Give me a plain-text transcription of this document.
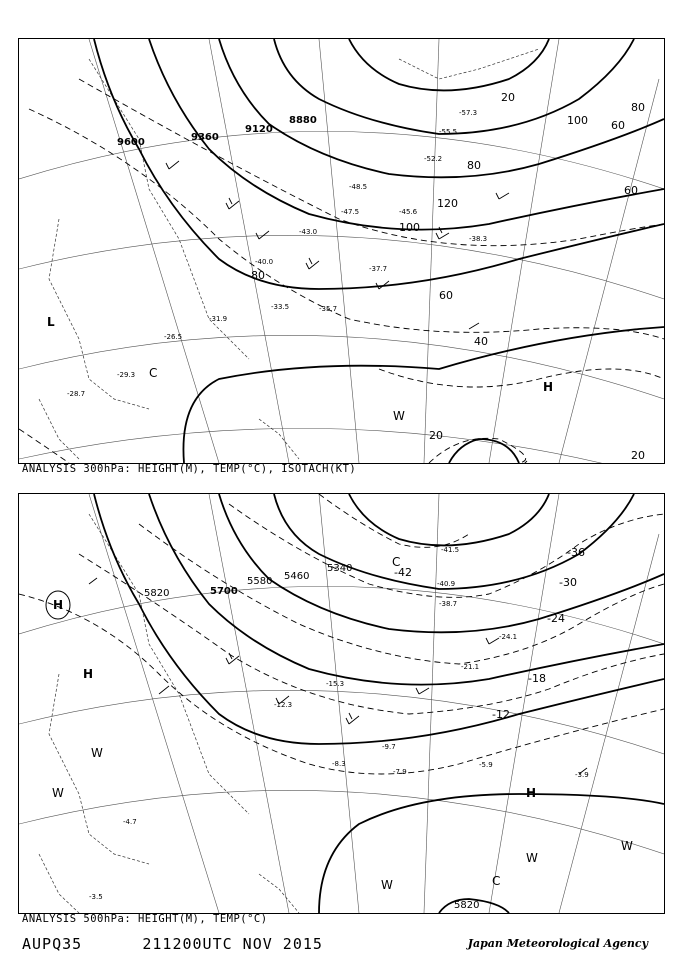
9600	9360
9120
8880
120
100
80
60
60
40
20
20
20
60
80
100
80
L
H
C
W
-29.3
-28.7
-26.5
-31.9
-33.5	-35.7
-37.7
-38.3
-43.0
-45.6
-48.5
-52.2
-55.5
-57.3
-40.0
-47.5
ANALYSIS 300hPa: HEIGHT(M), TEMP(°C), ISOTACH(KT)
5820	5700
5580 5460
5340
5820
-42
-36
-30
-24
-18
-12
H
H
H
C
C
W
W
W
W
W
-4.7
-3.5
-7.9
-5.9
-3.9
-8.3
-9.7
-12.3
-15.3
-21.1
-24.1
-38.7
-40.9
-41.5
ANALYSIS 500hPa: HEIGHT(M), TEMP(°C)
AUPQ35	211200UTC NOV 2015	Japan Meteorological Agency
